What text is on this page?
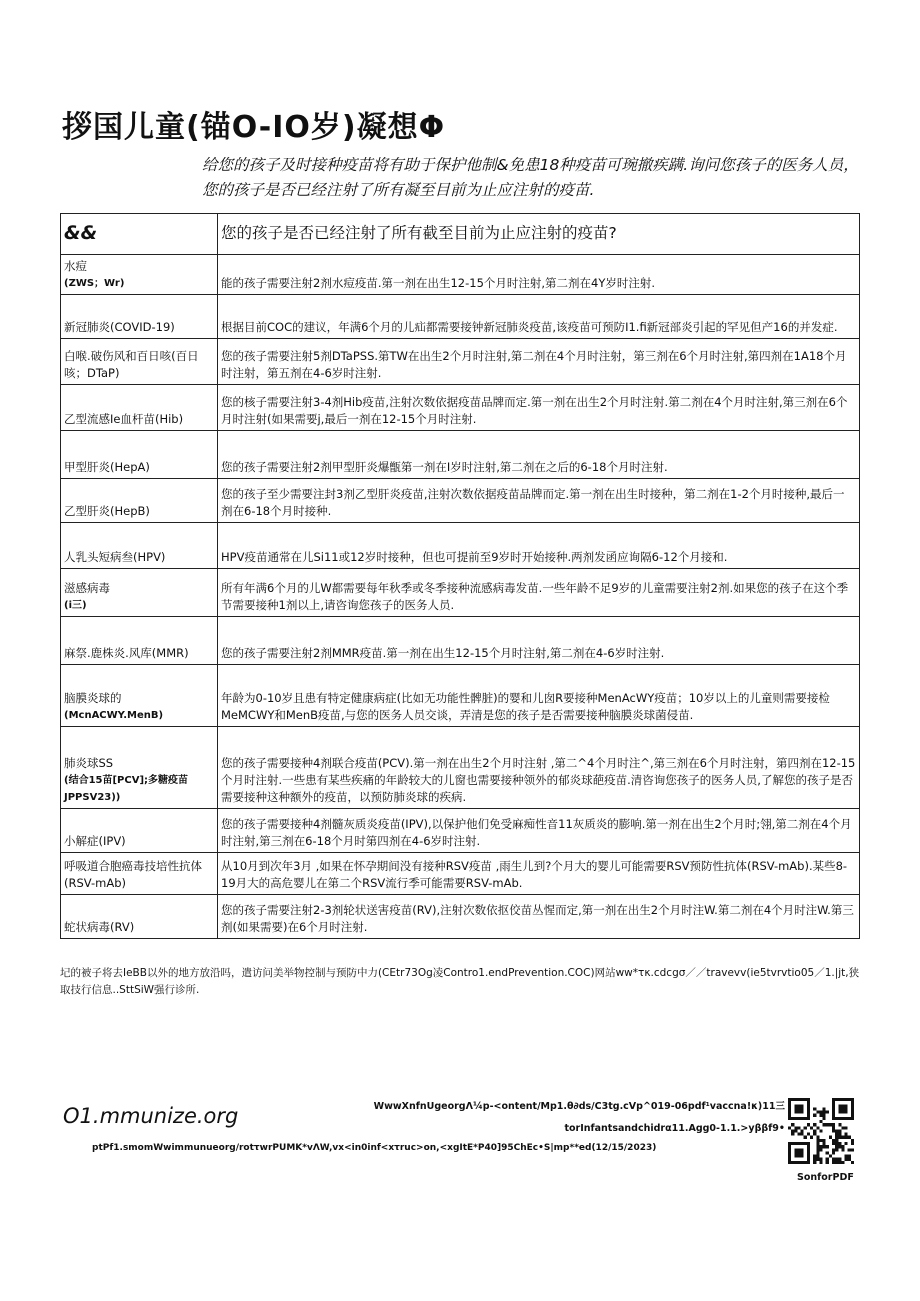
拶国儿童(锚O-IO岁)凝想Φ
给您的孩子及时接种疫苗将有助于保护他制&免患18种疫苗可琬撤疾蹒.询问您孩子的医务人员，您的孩子是否已经注射了所有凝至目前为止应注射的疫苗.
&&	您的孩子是否已经注射了所有截至目前为止应注射的疫苗?
水痘
(ZWS；Wr)	能的孩子需要注射2剂水痘疫苗.第一剂在出生12-15个月时注射,第二剂在4Y岁时注射.
新冠肺炎(COVID-19)	根据目前COC的建议，年满6个月的儿疝都需要接钟新冠肺炎疫苗,该疫苗可预防I1.fi新冠部炎引起的罕见但产16的并发症.
白喉.破伤风和百日咳(百日咳；DTaP)	您的孩子需要注射5剂DTaPSS.第TW在出生2个月时注射,第二剂在4个月时注射，第三剂在6个月时注射,第四剂在1A18个月时注射，第五剂在4-6岁时注射.
乙型流感Ie血杆苗(Hib)	您的核子需要注射3-4剂Hib疫苗,注射次数依据疫苗品牌而定.第一剂在出生2个月时注射.第二剂在4个月时注射,第三剂在6个月时注射(如果需要j,最后一剂在12-15个月时注射.
甲型肝炎(HepA)	您的孩子需要注射2剂甲型肝炎爆甑第一剂在I岁时注射,第二剂在之后的6-18个月时注射.
乙型肝炎(HepB)	您的孩子至少需要注封3剂乙型肝炎疫苗,注射次数依据疫苗品牌而定.第一剂在出生时接种，第二剂在1-2个月时接种,最后一剂在6-18个月时接种.
人乳头短病叁(HPV)	HPV疫苗通常在儿Si11或12岁时接种，但也可提前至9岁时开始接种.两剂发函应询隔6-12个月接和.
滋感病毒
(i三)	所有年满6个月的儿W都需要每年秋季或冬季接种流感病毒发苗.一些年龄不足9岁的儿童需要注射2剂.如果您的孩子在这个季节需要接种1剂以上,请咨询您孩子的医务人员.
麻祭.鹿株炎.风库(MMR)	您的孩子需要注射2剂MMR疫苗.第一剂在出生12-15个月时注射,第二剂在4-6岁时注射.
脑膜炎球的
(McnACWY.MenB)	年龄为0-10岁且患有特定健康病症(比如无功能性髀脏)的婴和儿囱R要接种MenAcWY疫苗；10岁以上的儿童则需要接检MeMCWY和MenB疫苗,与您的医务人员交谈，弄清是您的孩子是否需要接种脑膜炎球菌侵苗.
肺炎球SS
(结合15苗[PCV];多糖疫苗JPPSV23))	您的孩子需要接种4剂联合疫苗(PCV).第一剂在出生2个月时注射 ,第二^4个月时注^,第三剂在6个月时注射，第四剂在12-15个月时注射.一些患有某些疾痛的年龄较大的儿窗也需要接种领外的郁炎球葩疫苗.清咨询您孩子的医务人员,了解您的孩子是否需要接种这种额外的疫苗，以预防肺炎球的疾病.
小解症(IPV)	您的孩子需要接种4剂髓灰质炎疫苗(IPV),以保护他们免受麻痴性音11灰质炎的膨响.第一剂在出生2个月时;翎,第二剂在4个月时注射,第三剂在6-18个月时第四剂在4-6岁时注射.
呼吸道合胞癌毒技培性抗体(RSV-mAb)	从10月到次年3月 ,如果在怀孕期间没有接种RSV疫苗 ,雨生儿到?个月大的婴儿可能需要RSV预防性抗体(RSV-mAb).某些8-19月大的高危婴儿在第二个RSV流行季可能需要RSV-mAb.
蛇状病毒(RV)	您的孩子需要注射2-3剂轮状送害疫苗(RV),注射次数依抠佼苗丛惺而定,第一剂在出生2个月时注W.第二剂在4个月时注W.第三剂(如果需要)在6个月时注射.
圮的被子将去IeBB以外的地方放沿吗，遣访问美举物控制与预防中力(CEtr73Og凌Contro1.endPrevention.COC)网站ww*τκ.cdcgσ／／travevv(ie5tvrvtio05／1.|jt,狭取技行信息..SttSiW强行诊所.
O1.mmunize.org	WwwXnfnUgeorgΛ¼p-<ontent/Mp1.θ∂ds/C3tg.cVp^019-06pdf¹vaccna!κ)11三torInfantsandchidrα11.Agg0-1.1.>yββf9•
ptPf1.smomWwimmunueorg/rotτwrPUMK*vΛW,vx<in0inf<xτruc>on,<xgItE*P40]95ChEc•S|mp**ed(12/15/2023)
SonforPDF
